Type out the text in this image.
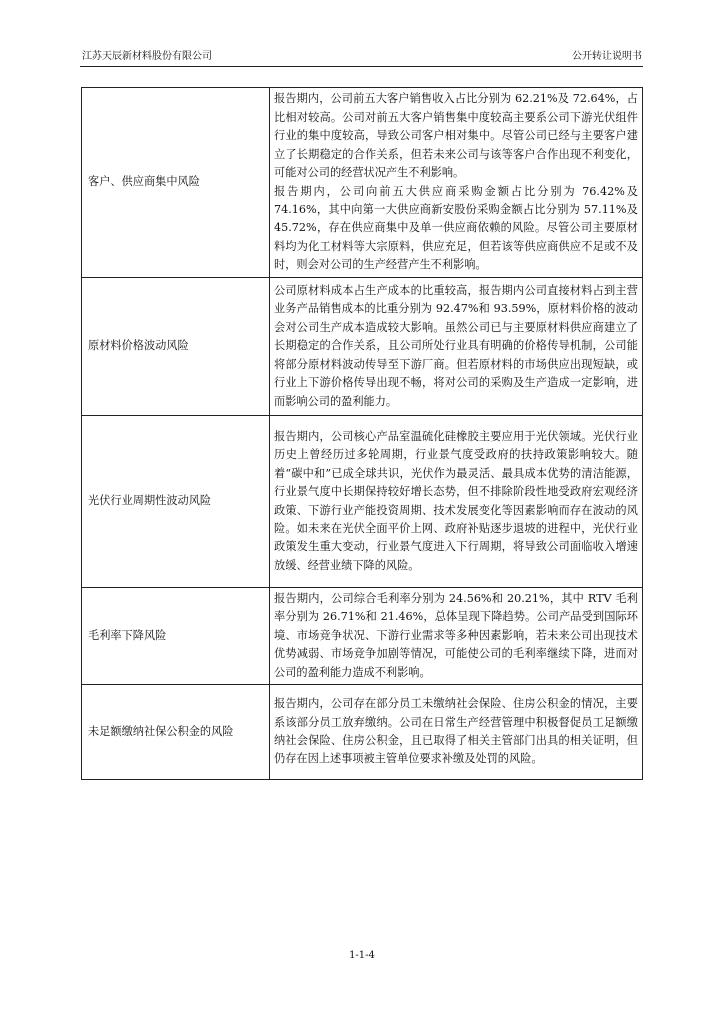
江苏天辰新材料股份有限公司	公开转让说明书
客户、供应商集中风险	报告期内，公司前五大客户销售收入占比分别为 62.21%及 72.64%，占比相对较高。公司对前五大客户销售集中度较高主要系公司下游光伏组件行业的集中度较高，导致公司客户相对集中。尽管公司已经与主要客户建立了长期稳定的合作关系，但若未来公司与该等客户合作出现不利变化，可能对公司的经营状况产生不利影响。

报告期内，公司向前五大供应商采购金额占比分别为 76.42%及 74.16%，其中向第一大供应商新安股份采购金额占比分别为 57.11%及 45.72%，存在供应商集中及单一供应商依赖的风险。尽管公司主要原材料均为化工材料等大宗原料，供应充足，但若该等供应商供应不足或不及时，则会对公司的生产经营产生不利影响。

原材料价格波动风险	公司原材料成本占生产成本的比重较高，报告期内公司直接材料占到主营业务产品销售成本的比重分别为 92.47%和 93.59%，原材料价格的波动会对公司生产成本造成较大影响。虽然公司已与主要原材料供应商建立了长期稳定的合作关系，且公司所处行业具有明确的价格传导机制，公司能将部分原材料波动传导至下游厂商。但若原材料的市场供应出现短缺，或行业上下游价格传导出现不畅，将对公司的采购及生产造成一定影响，进而影响公司的盈利能力。

光伏行业周期性波动风险	报告期内，公司核心产品室温硫化硅橡胶主要应用于光伏领域。光伏行业历史上曾经历过多轮周期，行业景气度受政府的扶持政策影响较大。随着“碳中和”已成全球共识，光伏作为最灵活、最具成本优势的清洁能源，行业景气度中长期保持较好增长态势，但不排除阶段性地受政府宏观经济政策、下游行业产能投资周期、技术发展变化等因素影响而存在波动的风险。如未来在光伏全面平价上网、政府补贴逐步退坡的进程中，光伏行业政策发生重大变动，行业景气度进入下行周期，将导致公司面临收入增速放缓、经营业绩下降的风险。

毛利率下降风险	报告期内，公司综合毛利率分别为 24.56%和 20.21%，其中 RTV 毛利率分别为 26.71%和 21.46%，总体呈现下降趋势。公司产品受到国际环境、市场竞争状况、下游行业需求等多种因素影响，若未来公司出现技术优势减弱、市场竞争加剧等情况，可能使公司的毛利率继续下降，进而对公司的盈利能力造成不利影响。

未足额缴纳社保公积金的风险	报告期内，公司存在部分员工未缴纳社会保险、住房公积金的情况，主要系该部分员工放弃缴纳。公司在日常生产经营管理中积极督促员工足额缴纳社会保险、住房公积金，且已取得了相关主管部门出具的相关证明，但仍存在因上述事项被主管单位要求补缴及处罚的风险。

1-1-4
